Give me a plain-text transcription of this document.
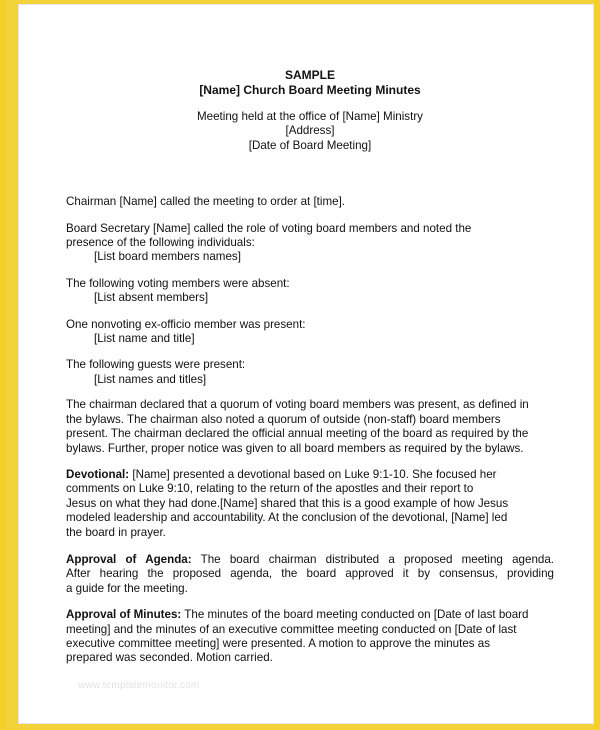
SAMPLE
[Name] Church Board Meeting Minutes
Meeting held at the office of [Name] Ministry
[Address]
[Date of Board Meeting]

Chairman [Name] called the meeting to order at [time].

Board Secretary [Name] called the role of voting board members and noted the
presence of the following individuals:
[List board members names]
The following voting members were absent:
[List absent members]
One nonvoting ex-officio member was present:
[List name and title]
The following guests were present:
[List names and titles]
The chairman declared that a quorum of voting board members was present, as defined in
the bylaws. The chairman also noted a quorum of outside (non-staff) board members
present. The chairman declared the official annual meeting of the board as required by the
bylaws. Further, proper notice was given to all board members as required by the bylaws.
Devotional: [Name] presented a devotional based on Luke 9:1-10. She focused her
comments on Luke 9:10, relating to the return of the apostles and their report to
Jesus on what they had done.[Name] shared that this is a good example of how Jesus
modeled leadership and accountability. At the conclusion of the devotional, [Name] led
the board in prayer.
Approval of Agenda: The board chairman distributed a proposed meeting agenda.
After hearing the proposed agenda, the board approved it by consensus, providing
a guide for the meeting.
Approval of Minutes: The minutes of the board meeting conducted on [Date of last board
meeting] and the minutes of an executive committee meeting conducted on [Date of last
executive committee meeting] were presented. A motion to approve the minutes as
prepared was seconded. Motion carried.
www.templatemonitor.com
